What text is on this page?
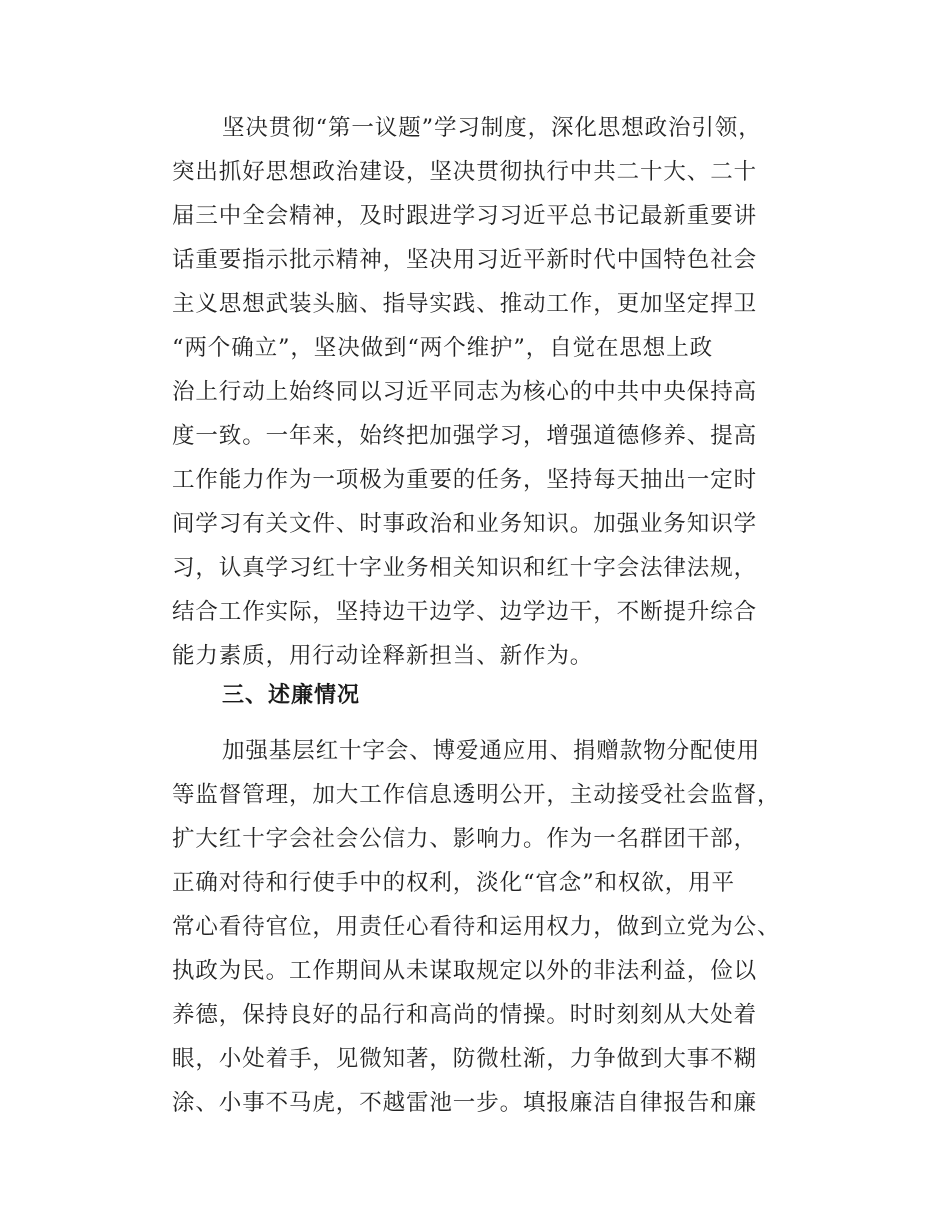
坚决贯彻“第一议题”学习制度，深化思想政治引领，
突出抓好思想政治建设，坚决贯彻执行中共二十大、二十
届三中全会精神，及时跟进学习习近平总书记最新重要讲
话重要指示批示精神，坚决用习近平新时代中国特色社会
主义思想武装头脑、指导实践、推动工作，更加坚定捍卫
“两个确立”，坚决做到“两个维护”，自觉在思想上政
治上行动上始终同以习近平同志为核心的中共中央保持高
度一致。一年来，始终把加强学习，增强道德修养、提高
工作能力作为一项极为重要的任务，坚持每天抽出一定时
间学习有关文件、时事政治和业务知识。加强业务知识学
习，认真学习红十字业务相关知识和红十字会法律法规，
结合工作实际，坚持边干边学、边学边干，不断提升综合
能力素质，用行动诠释新担当、新作为。
三、述廉情况
加强基层红十字会、博爱通应用、捐赠款物分配使用
等监督管理，加大工作信息透明公开，主动接受社会监督，
扩大红十字会社会公信力、影响力。作为一名群团干部，
正确对待和行使手中的权利，淡化“官念”和权欲，用平
常心看待官位，用责任心看待和运用权力，做到立党为公、
执政为民。工作期间从未谋取规定以外的非法利益，俭以
养德，保持良好的品行和高尚的情操。时时刻刻从大处着
眼，小处着手，见微知著，防微杜渐，力争做到大事不糊
涂、小事不马虎，不越雷池一步。填报廉洁自律报告和廉
